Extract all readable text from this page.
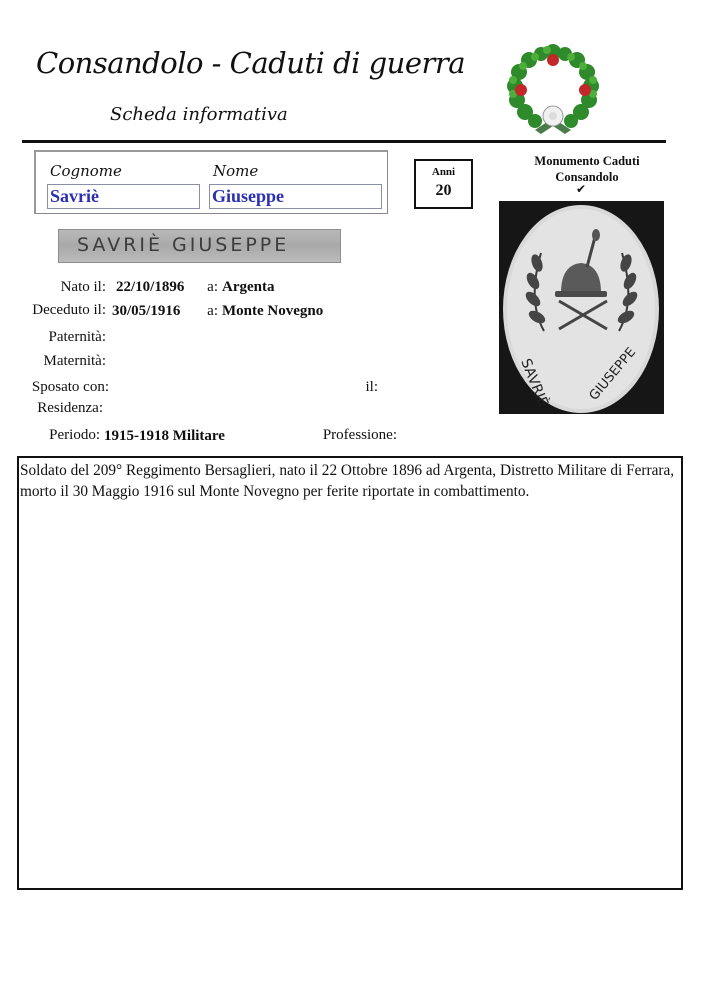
Consandolo - Caduti di guerra
Scheda informativa
Cognome	Nome
Savriè	Giuseppe
Anni
20
Monumento Caduti Consandolo
✔
SAVRIÈ	GIUSEPPE
SAVRIÈ GIUSEPPE
Nato il: 22/10/1896	a: Argenta
Deceduto il: 30/05/1916	a: Monte Novegno
Paternità:
Maternità:
Sposato con:	il:
Residenza:
Periodo: 1915-1918 Militare	Professione:
Soldato del 209° Reggimento Bersaglieri, nato il 22 Ottobre 1896 ad Argenta, Distretto Militare di Ferrara, morto il 30 Maggio 1916 sul Monte Novegno per ferite riportate in combattimento.
